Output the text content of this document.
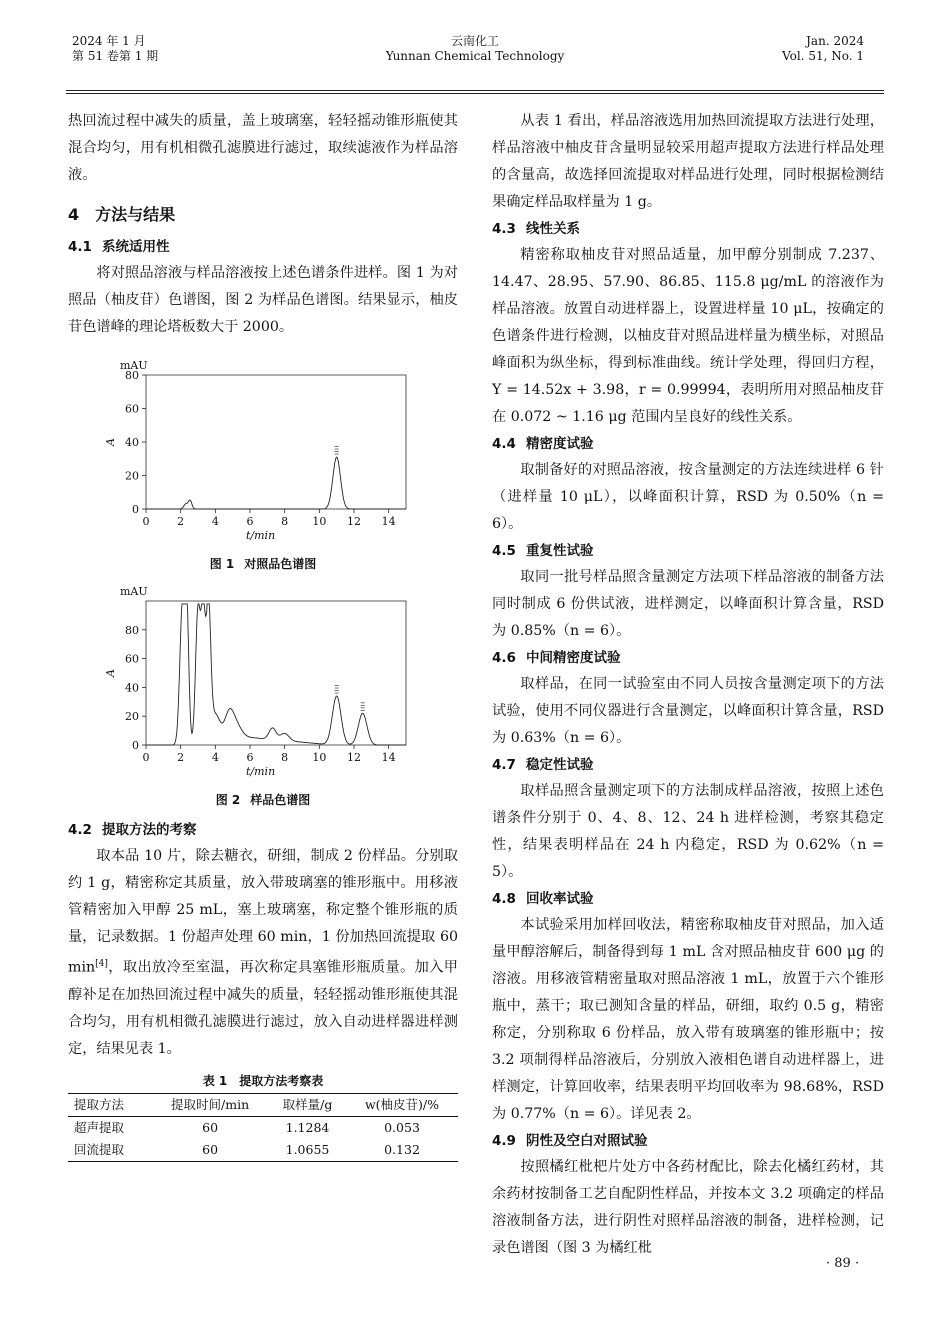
2024 年 1 月
第 51 卷第 1 期
云南化工
Yunnan Chemical Technology
Jan. 2024
Vol. 51, No. 1

热回流过程中减失的质量，盖上玻璃塞，轻轻摇动锥形瓶使其混合均匀，用有机相微孔滤膜进行滤过，取续滤液作为样品溶液。

4　方法与结果
4.1 系统适用性

将对照品溶液与样品溶液按上述色谱条件进样。图 1 为对照品（柚皮苷）色谱图，图 2 为样品色谱图。结果显示，柚皮苷色谱峰的理论塔板数大于 2000。

0
20
40
60
80
0	2	4	6	8 10 12 14
mAU
A
t/min
图 1 对照品色谱图
0
20
40
60
80
0	2	4	6	8 10 12 14
mAU
A
t/min
图 2 样品色谱图
4.2 提取方法的考察

取本品 10 片，除去糖衣，研细，制成 2 份样品。分别取约 1 g，精密称定其质量，放入带玻璃塞的锥形瓶中。用移液管精密加入甲醇 25 mL，塞上玻璃塞，称定整个锥形瓶的质量，记录数据。1 份超声处理 60 min，1 份加热回流提取 60 min[4]，取出放冷至室温，再次称定具塞锥形瓶质量。加入甲醇补足在加热回流过程中减失的质量，轻轻摇动锥形瓶使其混合均匀，用有机相微孔滤膜进行滤过，放入自动进样器进样测定，结果见表 1。

表 1 提取方法考察表
提取方法	提取时间/min	取样量/g	w(柚皮苷)/%
超声提取	60	1.1284	0.053
回流提取	60	1.0655	0.132

从表 1 看出，样品溶液选用加热回流提取方法进行处理，样品溶液中柚皮苷含量明显较采用超声提取方法进行样品处理的含量高，故选择回流提取对样品进行处理，同时根据检测结果确定样品取样量为 1 g。

4.3 线性关系

精密称取柚皮苷对照品适量，加甲醇分别制成 7.237、14.47、28.95、57.90、86.85、115.8 μg/mL 的溶液作为样品溶液。放置自动进样器上，设置进样量 10 μL，按确定的色谱条件进行检测，以柚皮苷对照品进样量为横坐标，对照品峰面积为纵坐标，得到标准曲线。统计学处理，得回归方程，Y = 14.52x + 3.98，r = 0.99994，表明所用对照品柚皮苷在 0.072 ~ 1.16 μg 范围内呈良好的线性关系。

4.4 精密度试验

取制备好的对照品溶液，按含量测定的方法连续进样 6 针（进样量 10 μL），以峰面积计算，RSD 为 0.50%（n = 6）。

4.5 重复性试验

取同一批号样品照含量测定方法项下样品溶液的制备方法同时制成 6 份供试液，进样测定，以峰面积计算含量，RSD 为 0.85%（n = 6）。

4.6 中间精密度试验

取样品，在同一试验室由不同人员按含量测定项下的方法试验，使用不同仪器进行含量测定，以峰面积计算含量，RSD 为 0.63%（n = 6）。

4.7 稳定性试验

取样品照含量测定项下的方法制成样品溶液，按照上述色谱条件分别于 0、4、8、12、24 h 进样检测，考察其稳定性，结果表明样品在 24 h 内稳定，RSD 为 0.62%（n = 5）。

4.8 回收率试验

本试验采用加样回收法，精密称取柚皮苷对照品，加入适量甲醇溶解后，制备得到每 1 mL 含对照品柚皮苷 600 μg 的溶液。用移液管精密量取对照品溶液 1 mL，放置于六个锥形瓶中，蒸干；取已测知含量的样品，研细，取约 0.5 g，精密称定，分别称取 6 份样品，放入带有玻璃塞的锥形瓶中；按 3.2 项制得样品溶液后，分别放入液相色谱自动进样器上，进样测定，计算回收率，结果表明平均回收率为 98.68%，RSD 为 0.77%（n = 6）。详见表 2。

4.9 阴性及空白对照试验

按照橘红枇杷片处方中各药材配比，除去化橘红药材，其余药材按制备工艺自配阴性样品，并按本文 3.2 项确定的样品溶液制备方法，进行阴性对照样品溶液的制备，进样检测，记录色谱图（图 3 为橘红枇

· 89 ·
